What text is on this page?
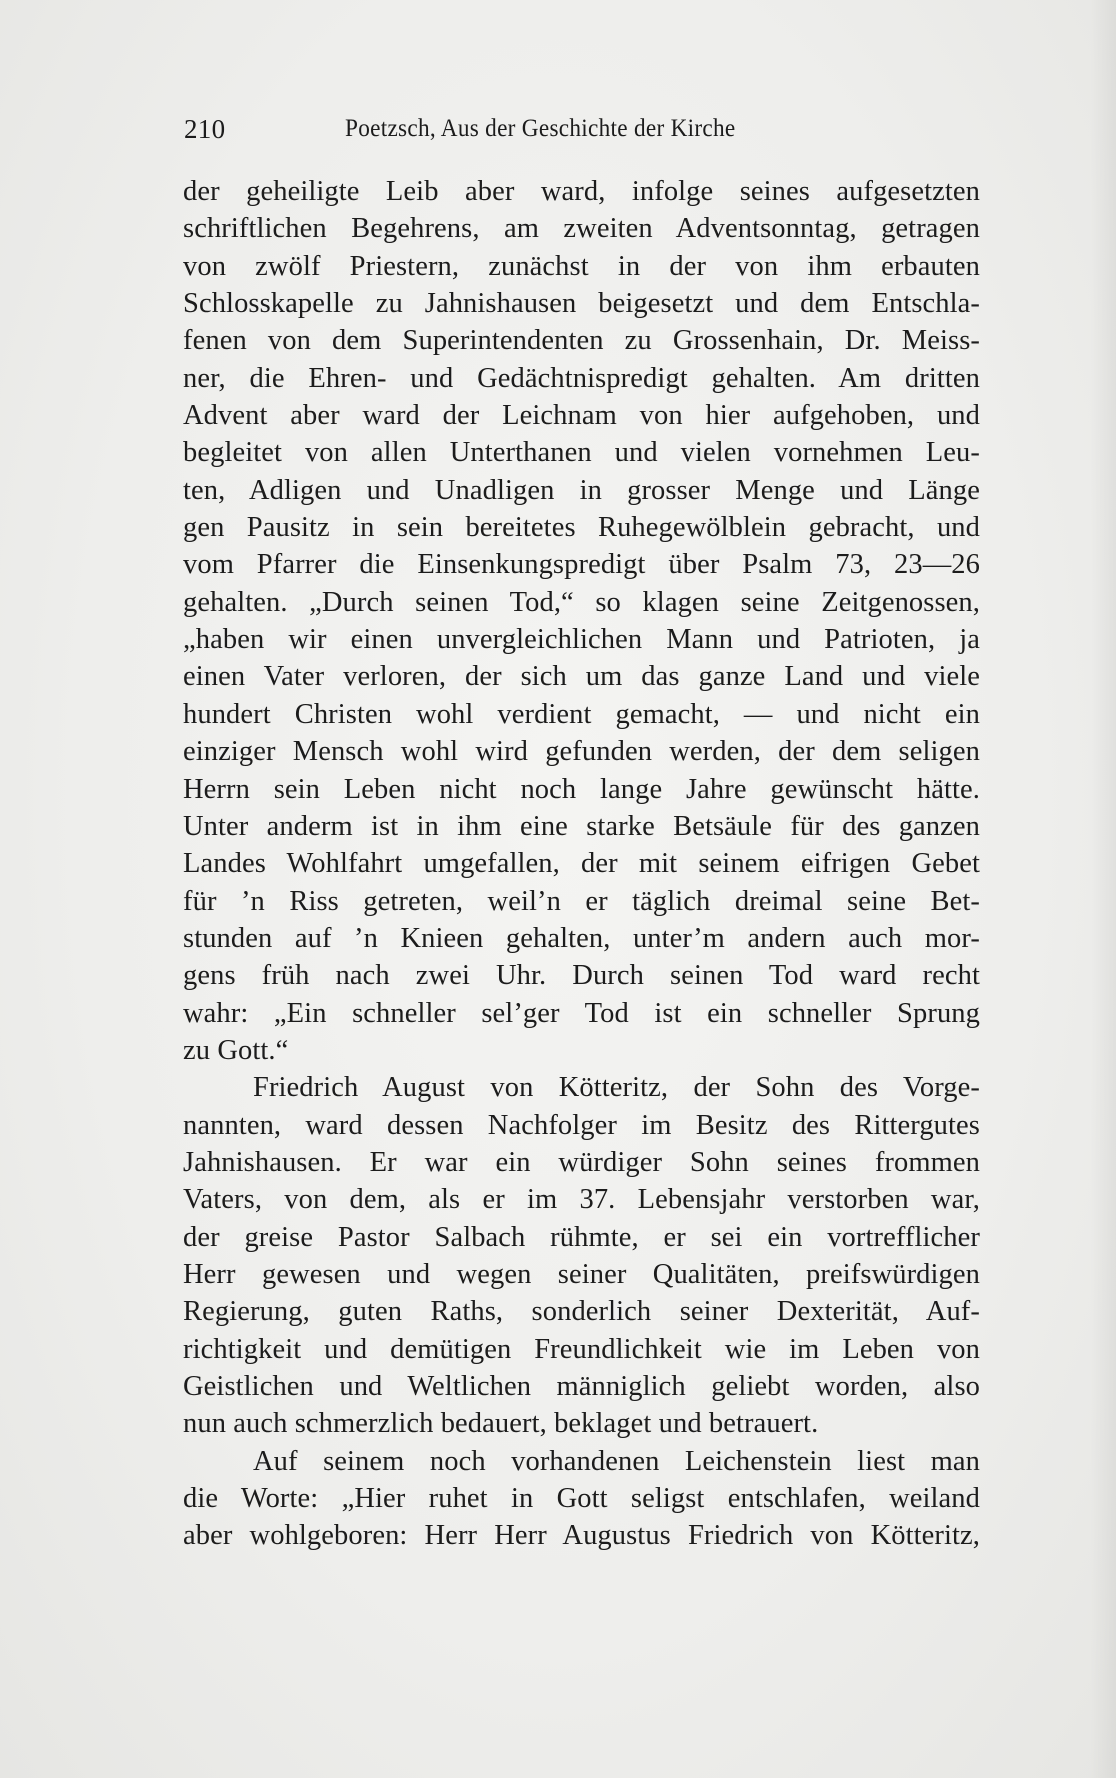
210	Poetzsch, Aus der Geschichte der Kirche
der geheiligte Leib aber ward, infolge seines aufgesetzten
schriftlichen Begehrens, am zweiten Adventsonntag, getragen
von zwölf Priestern, zunächst in der von ihm erbauten
Schlosskapelle zu Jahnishausen beigesetzt und dem Entschla-
fenen von dem Superintendenten zu Grossenhain, Dr. Meiss-
ner, die Ehren- und Gedächtnispredigt gehalten. Am dritten
Advent aber ward der Leichnam von hier aufgehoben, und
begleitet von allen Unterthanen und vielen vornehmen Leu-
ten, Adligen und Unadligen in grosser Menge und Länge
gen Pausitz in sein bereitetes Ruhegewölblein gebracht, und
vom Pfarrer die Einsenkungspredigt über Psalm 73, 23—26
gehalten. „Durch seinen Tod,“ so klagen seine Zeitgenossen,
„haben wir einen unvergleichlichen Mann und Patrioten, ja
einen Vater verloren, der sich um das ganze Land und viele
hundert Christen wohl verdient gemacht, — und nicht ein
einziger Mensch wohl wird gefunden werden, der dem seligen
Herrn sein Leben nicht noch lange Jahre gewünscht hätte.
Unter anderm ist in ihm eine starke Betsäule für des ganzen
Landes Wohlfahrt umgefallen, der mit seinem eifrigen Gebet
für ’n Riss getreten, weil’n er täglich dreimal seine Bet-
stunden auf ’n Knieen gehalten, unter’m andern auch mor-
gens früh nach zwei Uhr. Durch seinen Tod ward recht
wahr: „Ein schneller sel’ger Tod ist ein schneller Sprung
zu Gott.“
Friedrich August von Kötteritz, der Sohn des Vorge-
nannten, ward dessen Nachfolger im Besitz des Rittergutes
Jahnishausen. Er war ein würdiger Sohn seines frommen
Vaters, von dem, als er im 37. Lebensjahr verstorben war,
der greise Pastor Salbach rühmte, er sei ein vortrefflicher
Herr gewesen und wegen seiner Qualitäten, preifswürdigen
Regierung, guten Raths, sonderlich seiner Dexterität, Auf-
richtigkeit und demütigen Freundlichkeit wie im Leben von
Geistlichen und Weltlichen männiglich geliebt worden, also
nun auch schmerzlich bedauert, beklaget und betrauert.
Auf seinem noch vorhandenen Leichenstein liest man
die Worte: „Hier ruhet in Gott seligst entschlafen, weiland
aber wohlgeboren: Herr Herr Augustus Friedrich von Kötteritz,
